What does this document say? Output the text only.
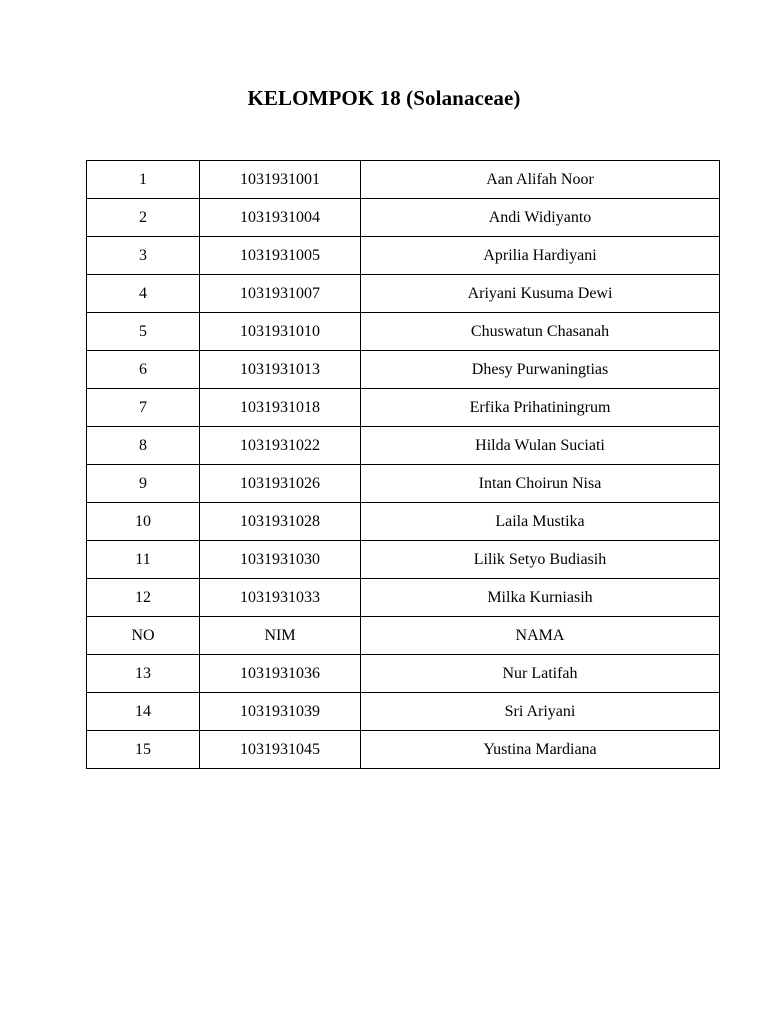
KELOMPOK 18 (Solanaceae)
1	1031931001	Aan Alifah Noor
2	1031931004	Andi Widiyanto
3	1031931005	Aprilia Hardiyani
4	1031931007	Ariyani Kusuma Dewi
5	1031931010	Chuswatun Chasanah
6	1031931013	Dhesy Purwaningtias
7	1031931018	Erfika Prihatiningrum
8	1031931022	Hilda Wulan Suciati
9	1031931026	Intan Choirun Nisa
10	1031931028	Laila Mustika
11	1031931030	Lilik Setyo Budiasih
12	1031931033	Milka Kurniasih
NO	NIM	NAMA
13	1031931036	Nur Latifah
14	1031931039	Sri Ariyani
15	1031931045	Yustina Mardiana
